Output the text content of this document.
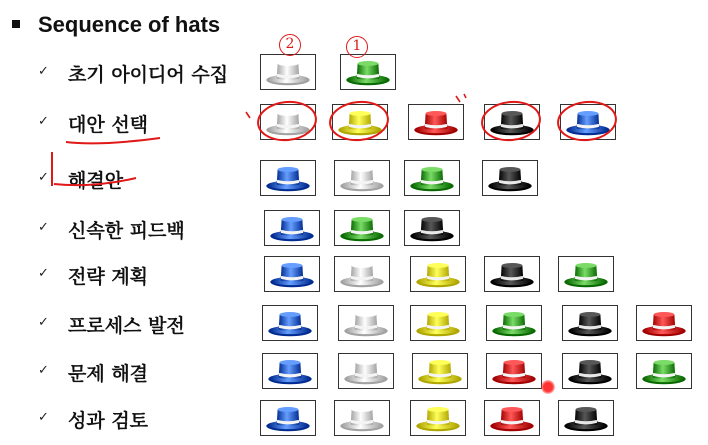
Sequence of hats
✓ 초기 아이디어 수집
✓ 대안 선택
✓ 해결안
✓ 신속한 피드백
✓ 전략 계획
✓ 프로세스 발전
✓ 문제 해결
✓ 성과 검토
2	1
